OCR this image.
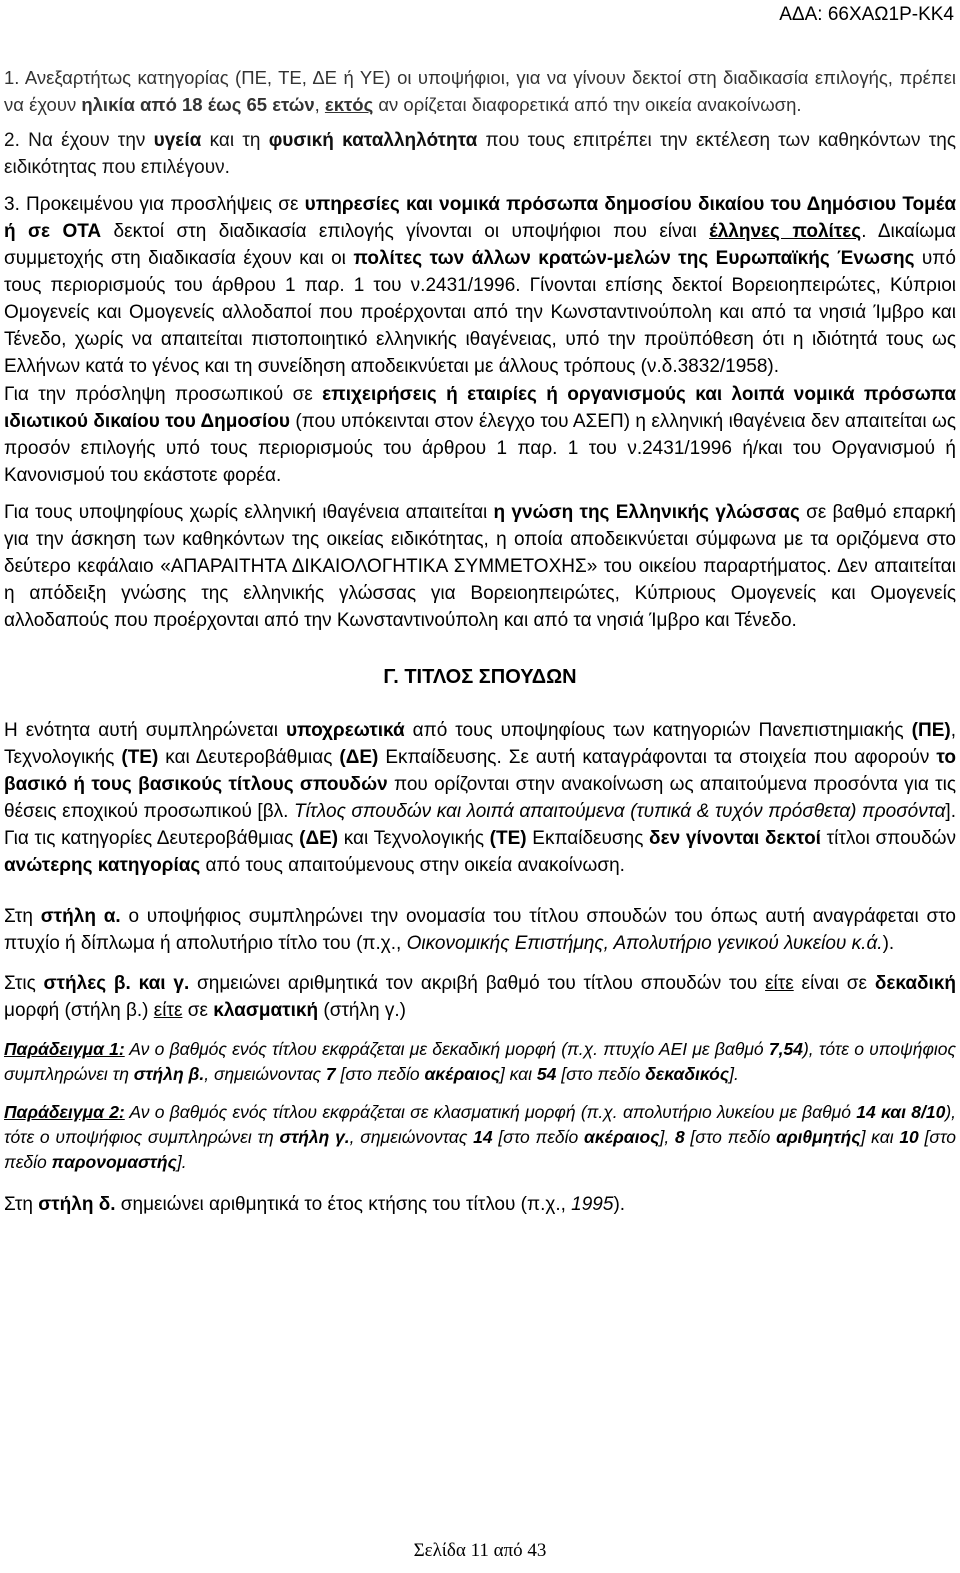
ΑΔΑ: 66ΧΑΩ1Ρ-ΚΚ4

1. Ανεξαρτήτως κατηγορίας (ΠΕ, ΤΕ, ΔΕ ή ΥΕ) οι υποψήφιοι, για να γίνουν δεκτοί στη διαδικασία επιλογής, πρέπει να έχουν ηλικία από 18 έως 65 ετών, εκτός αν ορίζεται διαφορετικά από την οικεία ανακοίνωση.

2. Να έχουν την υγεία και τη φυσική καταλληλότητα που τους επιτρέπει την εκτέλεση των καθηκόντων της ειδικότητας που επιλέγουν.

3. Προκειμένου για προσλήψεις σε υπηρεσίες και νομικά πρόσωπα δημοσίου δικαίου του Δημόσιου Τομέα ή σε ΟΤΑ δεκτοί στη διαδικασία επιλογής γίνονται οι υποψήφιοι που είναι έλληνες πολίτες. Δικαίωμα συμμετοχής στη διαδικασία έχουν και οι πολίτες των άλλων κρατών-μελών της Ευρωπαϊκής Ένωσης υπό τους περιορισμούς του άρθρου 1 παρ. 1 του ν.2431/1996. Γίνονται επίσης δεκτοί Βορειοηπειρώτες, Κύπριοι Ομογενείς και Ομογενείς αλλοδαποί που προέρχονται από την Κωνσταντινούπολη και από τα νησιά Ίμβρο και Τένεδο, χωρίς να απαιτείται πιστοποιητικό ελληνικής ιθαγένειας, υπό την προϋπόθεση ότι η ιδιότητά τους ως Ελλήνων κατά το γένος και τη συνείδηση αποδεικνύεται με άλλους τρόπους (ν.δ.3832/1958).

Για την πρόσληψη προσωπικού σε επιχειρήσεις ή εταιρίες ή οργανισμούς και λοιπά νομικά πρόσωπα ιδιωτικού δικαίου του Δημοσίου (που υπόκεινται στον έλεγχο του ΑΣΕΠ) η ελληνική ιθαγένεια δεν απαιτείται ως προσόν επιλογής υπό τους περιορισμούς του άρθρου 1 παρ. 1 του ν.2431/1996 ή/και του Οργανισμού ή Κανονισμού του εκάστοτε φορέα.

Για τους υποψηφίους χωρίς ελληνική ιθαγένεια απαιτείται η γνώση της Ελληνικής γλώσσας σε βαθμό επαρκή για την άσκηση των καθηκόντων της οικείας ειδικότητας, η οποία αποδεικνύεται σύμφωνα με τα οριζόμενα στο δεύτερο κεφάλαιο «ΑΠΑΡΑΙΤΗΤΑ ΔΙΚΑΙΟΛΟΓΗΤΙΚΑ ΣΥΜΜΕΤΟΧΗΣ» του οικείου παραρτήματος. Δεν απαιτείται η απόδειξη γνώσης της ελληνικής γλώσσας για Βορειοηπειρώτες, Κύπριους Ομογενείς και Ομογενείς αλλοδαπούς που προέρχονται από την Κωνσταντινούπολη και από τα νησιά Ίμβρο και Τένεδο.

Γ. ΤΙΤΛΟΣ ΣΠΟΥΔΩΝ

Η ενότητα αυτή συμπληρώνεται υποχρεωτικά από τους υποψηφίους των κατηγοριών Πανεπιστημιακής (ΠΕ), Τεχνολογικής (ΤΕ) και Δευτεροβάθμιας (ΔΕ) Εκπαίδευσης. Σε αυτή καταγράφονται τα στοιχεία που αφορούν το βασικό ή τους βασικούς τίτλους σπουδών που ορίζονται στην ανακοίνωση ως απαιτούμενα προσόντα για τις θέσεις εποχικού προσωπικού [βλ. Τίτλος σπουδών και λοιπά απαιτούμενα (τυπικά & τυχόν πρόσθετα) προσόντα]. Για τις κατηγορίες Δευτεροβάθμιας (ΔΕ) και Τεχνολογικής (ΤΕ) Εκπαίδευσης δεν γίνονται δεκτοί τίτλοι σπουδών ανώτερης κατηγορίας από τους απαιτούμενους στην οικεία ανακοίνωση.

Στη στήλη α. ο υποψήφιος συμπληρώνει την ονομασία του τίτλου σπουδών του όπως αυτή αναγράφεται στο πτυχίο ή δίπλωμα ή απολυτήριο τίτλο του (π.χ., Οικονομικής Επιστήμης, Απολυτήριο γενικού λυκείου κ.ά.).

Στις στήλες β. και γ. σημειώνει αριθμητικά τον ακριβή βαθμό του τίτλου σπουδών του είτε είναι σε δεκαδική μορφή (στήλη β.) είτε σε κλασματική (στήλη γ.)

Παράδειγμα 1: Αν ο βαθμός ενός τίτλου εκφράζεται με δεκαδική μορφή (π.χ. πτυχίο ΑΕΙ με βαθμό 7,54), τότε ο υποψήφιος συμπληρώνει τη στήλη β., σημειώνοντας 7 [στο πεδίο ακέραιος] και 54 [στο πεδίο δεκαδικός].

Παράδειγμα 2: Αν ο βαθμός ενός τίτλου εκφράζεται σε κλασματική μορφή (π.χ. απολυτήριο λυκείου με βαθμό 14 και 8/10), τότε ο υποψήφιος συμπληρώνει τη στήλη γ., σημειώνοντας 14 [στο πεδίο ακέραιος], 8 [στο πεδίο αριθμητής] και 10 [στο πεδίο παρονομαστής].

Στη στήλη δ. σημειώνει αριθμητικά το έτος κτήσης του τίτλου (π.χ., 1995).

Σελίδα 11 από 43
